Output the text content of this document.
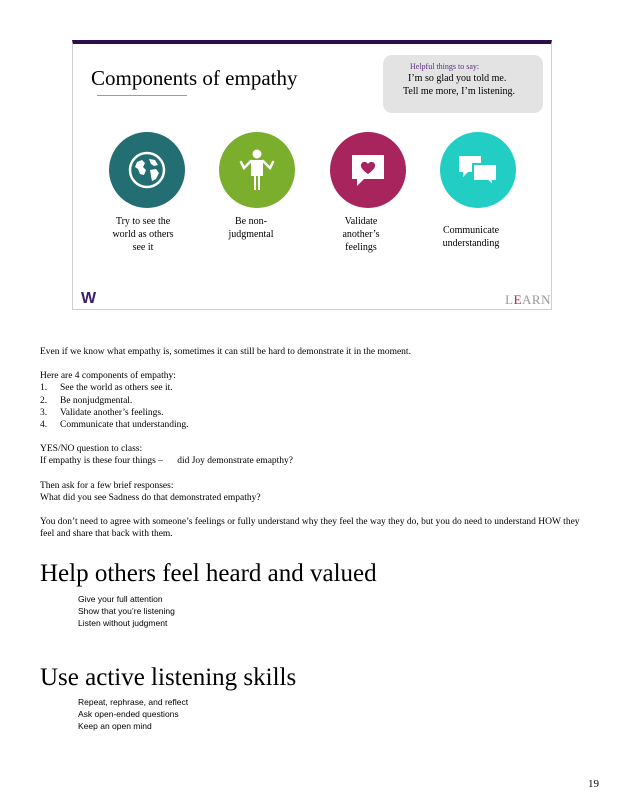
Components of empathy	Helpful things to say:
I’m so glad you told me.
Tell me more, I’m listening.
Try to see the
world as others
see it
Be non-
judgmental
Validate
another’s
feelings
Communicate
understanding
W	LEARN

Even if we know what empathy is, sometimes it can still be hard to demonstrate it in the moment.

Here are 4 components of empathy:
1. See the world as others see it.
2. Be nonjudgmental.
3. Validate another’s feelings.
4. Communicate that understanding.
YES/NO question to class:

If empathy is these four things –      did Joy demonstrate emapthy?

Then ask for a few brief responses:

What did you see Sadness do that demonstrated empathy?

You don’t need to agree with someone’s feelings or fully understand why they feel the way they do, but you do need to understand HOW they feel and share that back with them.

Help others feel heard and valued
Give your full attention
Show that you’re listening
Listen without judgment
Use active listening skills
Repeat, rephrase, and reflect
Ask open-ended questions
Keep an open mind
19
